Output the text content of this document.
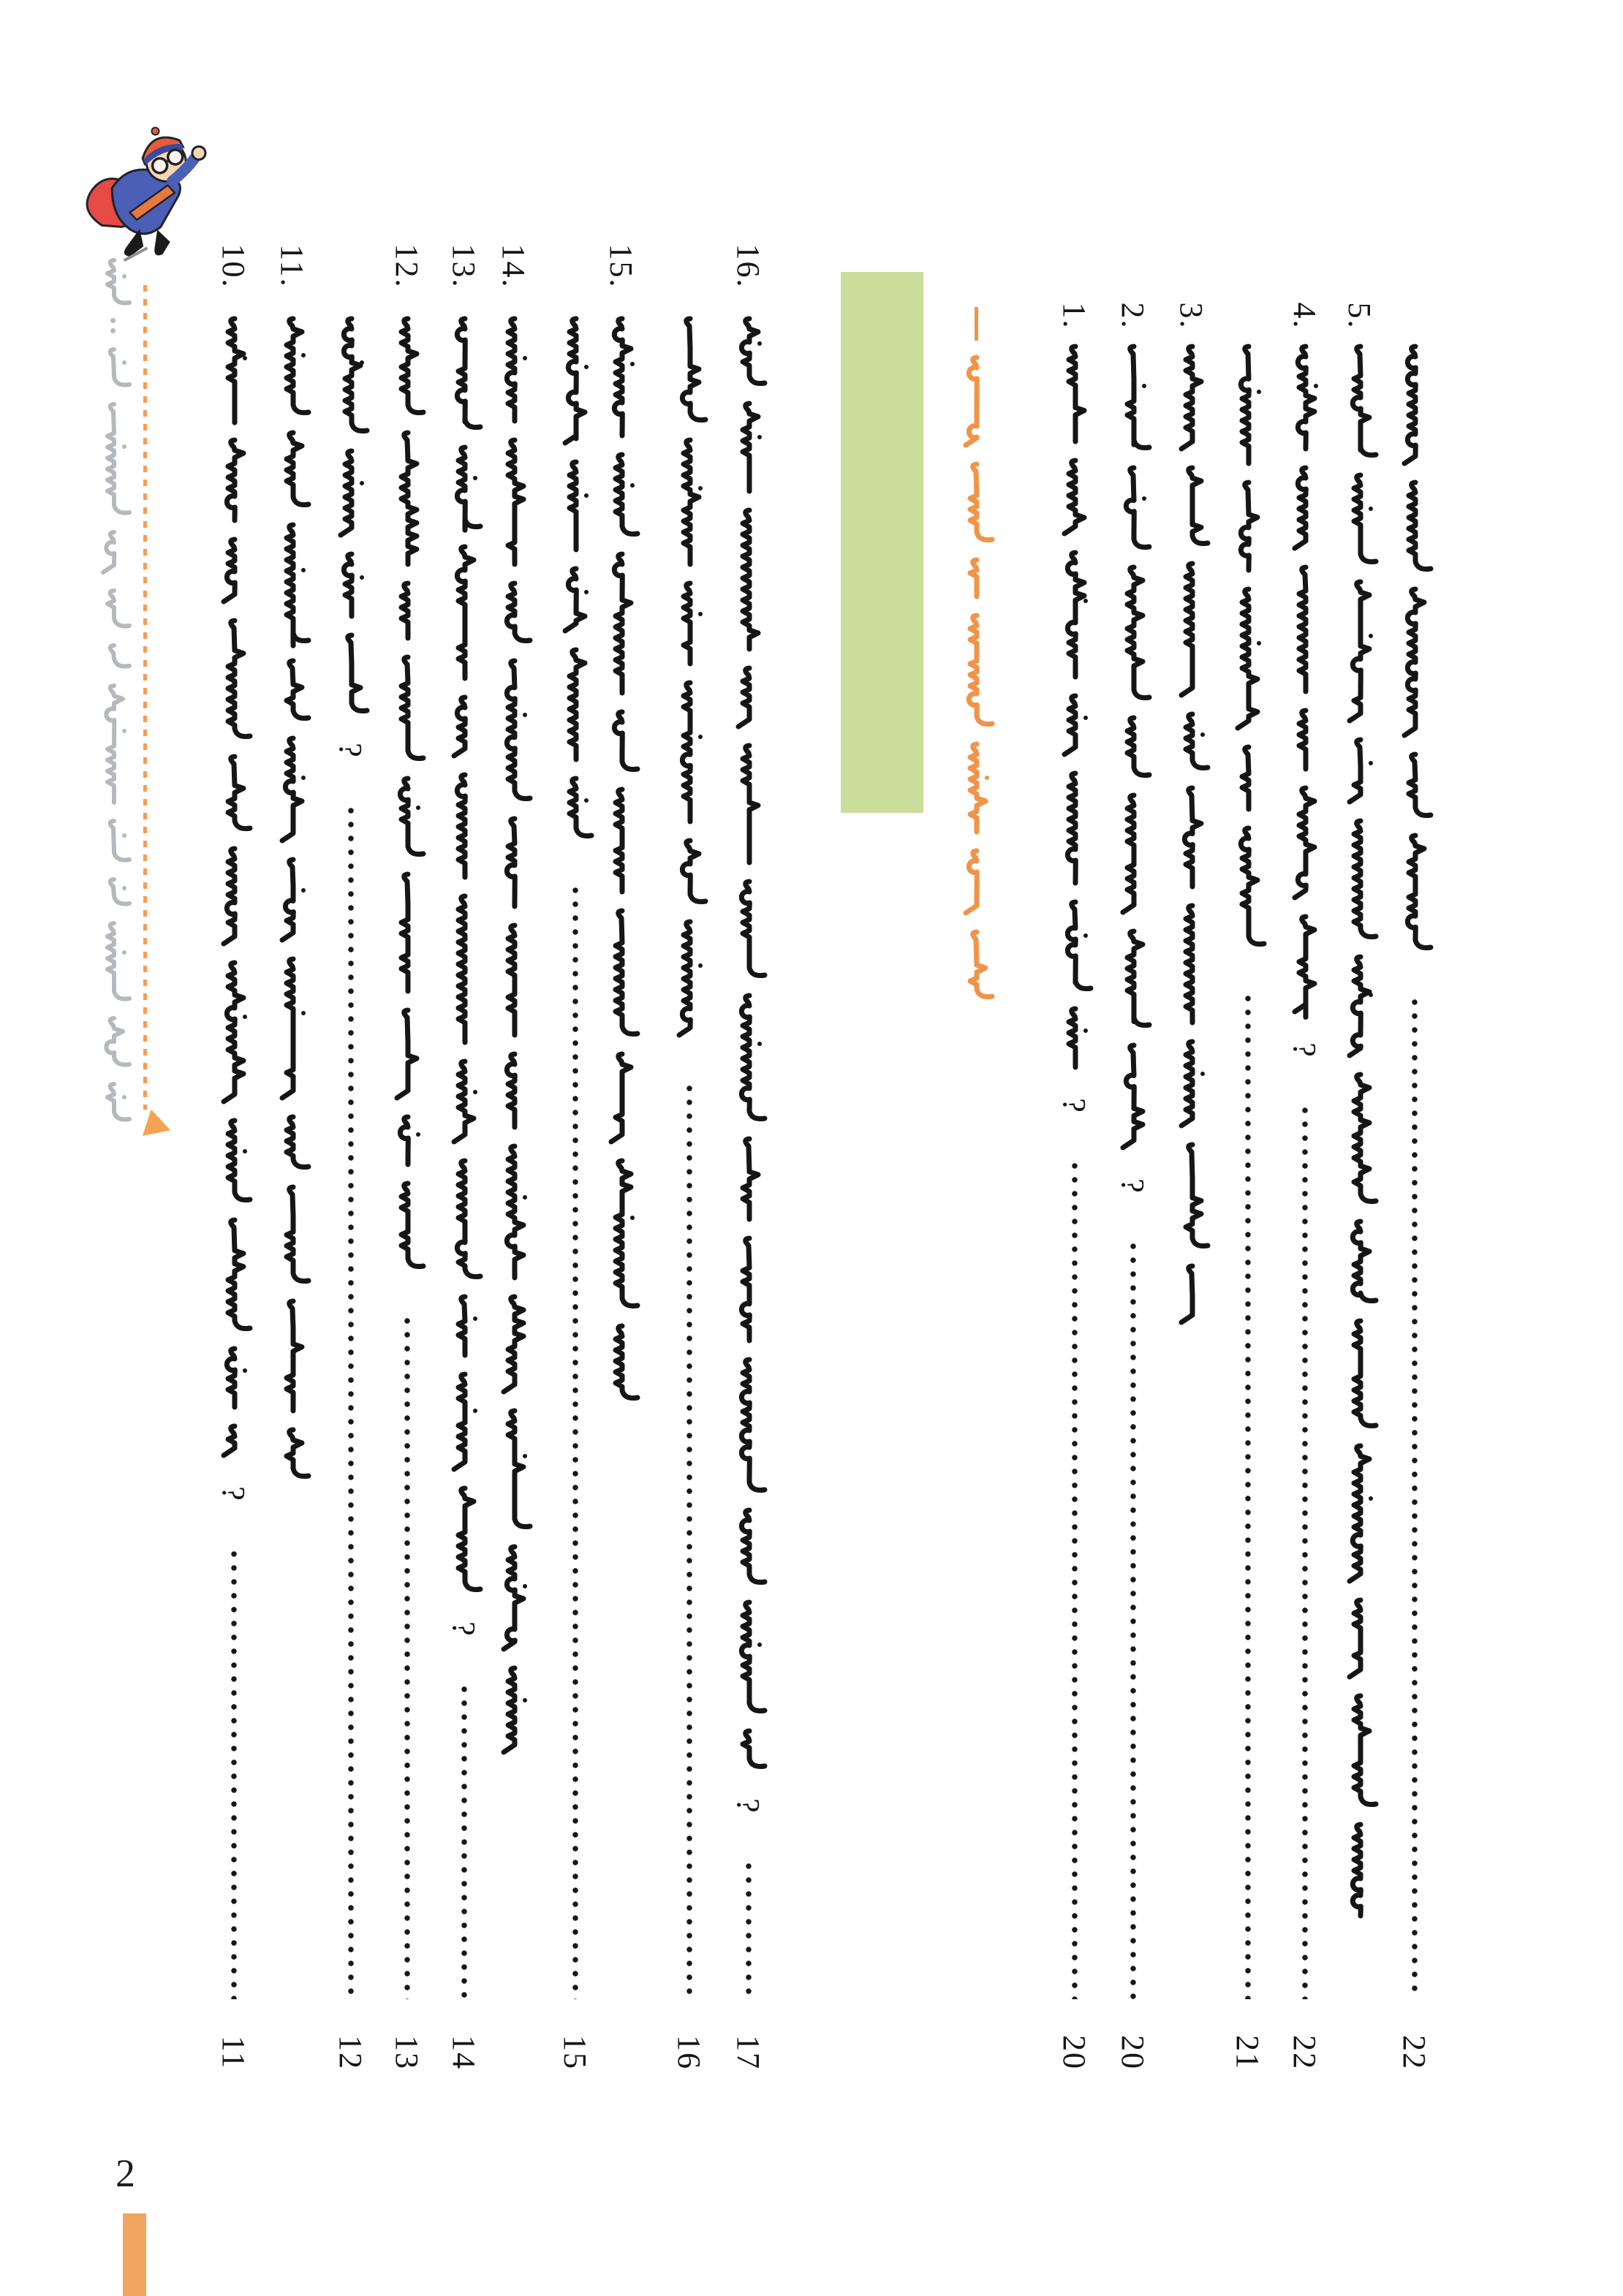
10.
?
11
11.
?
12
12.
13
13.
?
14
14.
15
15.
16
16.
?
17
1.
?
20
2.
?
20
3.
21
4.
?
22
5.
22
2
